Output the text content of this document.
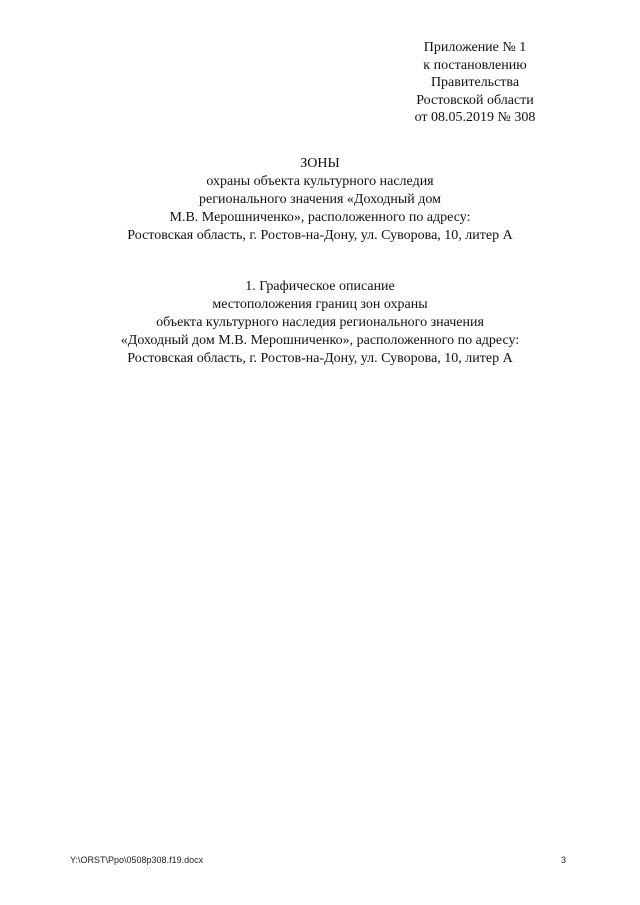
Приложение № 1
к постановлению
Правительства
Ростовской области
от 08.05.2019 № 308
ЗОНЫ
охраны объекта культурного наследия
регионального значения «Доходный дом
М.В. Мерошниченко», расположенного по адресу:
Ростовская область, г. Ростов-на-Дону, ул. Суворова, 10, литер А
1. Графическое описание
местоположения границ зон охраны
объекта культурного наследия регионального значения
«Доходный дом М.В. Мерошниченко», расположенного по адресу:
Ростовская область, г. Ростов-на-Дону, ул. Суворова, 10, литер А
Y:\ORST\Ppo\0508p308.f19.docx	3
